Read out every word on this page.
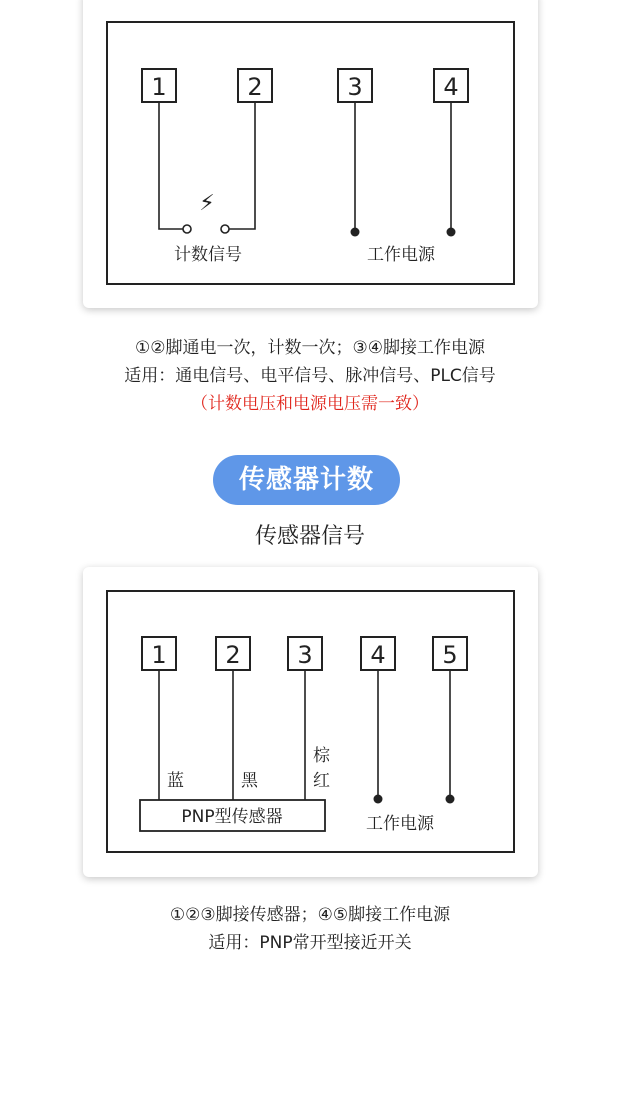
1	2	3	4
⚡
计数信号	工作电源
①②脚通电一次，计数一次；③④脚接工作电源
适用：通电信号、电平信号、脉冲信号、PLC信号
（计数电压和电源电压需一致）
传感器计数
传感器信号
1 2 3 4 5
蓝	黑
棕
红
PNP型传感器	工作电源
①②③脚接传感器；④⑤脚接工作电源
适用：PNP常开型接近开关
